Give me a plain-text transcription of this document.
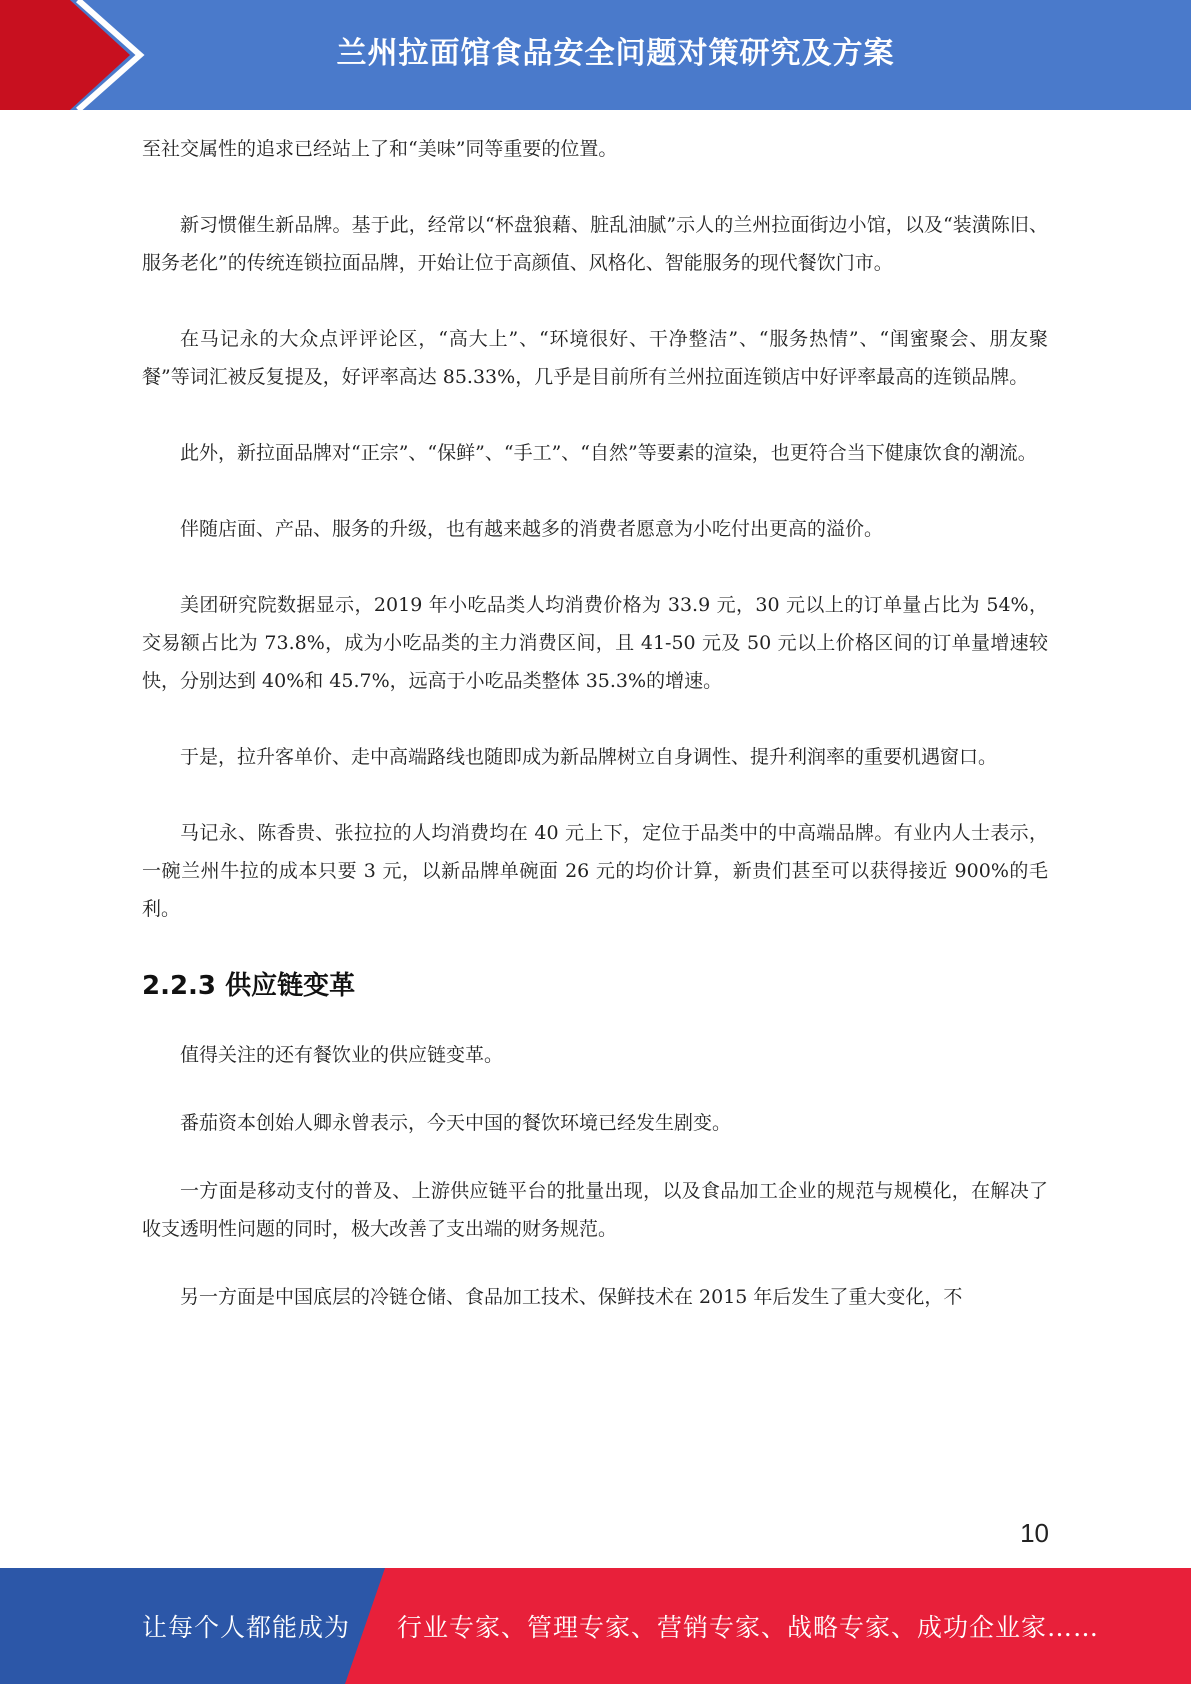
兰州拉面馆食品安全问题对策研究及方案

至社交属性的追求已经站上了和“美味”同等重要的位置。

新习惯催生新品牌。基于此，经常以“杯盘狼藉、脏乱油腻”示人的兰州拉面街边小馆，以及“装潢陈旧、服务老化”的传统连锁拉面品牌，开始让位于高颜值、风格化、智能服务的现代餐饮门市。

在马记永的大众点评评论区，“高大上”、“环境很好、干净整洁”、“服务热情”、“闺蜜聚会、朋友聚餐”等词汇被反复提及，好评率高达 85.33%，几乎是目前所有兰州拉面连锁店中好评率最高的连锁品牌。

此外，新拉面品牌对“正宗”、“保鲜”、“手工”、“自然”等要素的渲染，也更符合当下健康饮食的潮流。

伴随店面、产品、服务的升级，也有越来越多的消费者愿意为小吃付出更高的溢价。

美团研究院数据显示，2019 年小吃品类人均消费价格为 33.9 元，30 元以上的订单量占比为 54%，交易额占比为 73.8%，成为小吃品类的主力消费区间，且 41-50 元及 50 元以上价格区间的订单量增速较快，分别达到 40%和 45.7%，远高于小吃品类整体 35.3%的增速。

于是，拉升客单价、走中高端路线也随即成为新品牌树立自身调性、提升利润率的重要机遇窗口。

马记永、陈香贵、张拉拉的人均消费均在 40 元上下，定位于品类中的中高端品牌。有业内人士表示，一碗兰州牛拉的成本只要 3 元，以新品牌单碗面 26 元的均价计算，新贵们甚至可以获得接近 900%的毛利。

2.2.3 供应链变革

值得关注的还有餐饮业的供应链变革。

番茄资本创始人卿永曾表示，今天中国的餐饮环境已经发生剧变。

一方面是移动支付的普及、上游供应链平台的批量出现，以及食品加工企业的规范与规模化，在解决了收支透明性问题的同时，极大改善了支出端的财务规范。

另一方面是中国底层的冷链仓储、食品加工技术、保鲜技术在 2015 年后发生了重大变化，不

10
让每个人都能成为 行业专家、管理专家、营销专家、战略专家、成功企业家……
